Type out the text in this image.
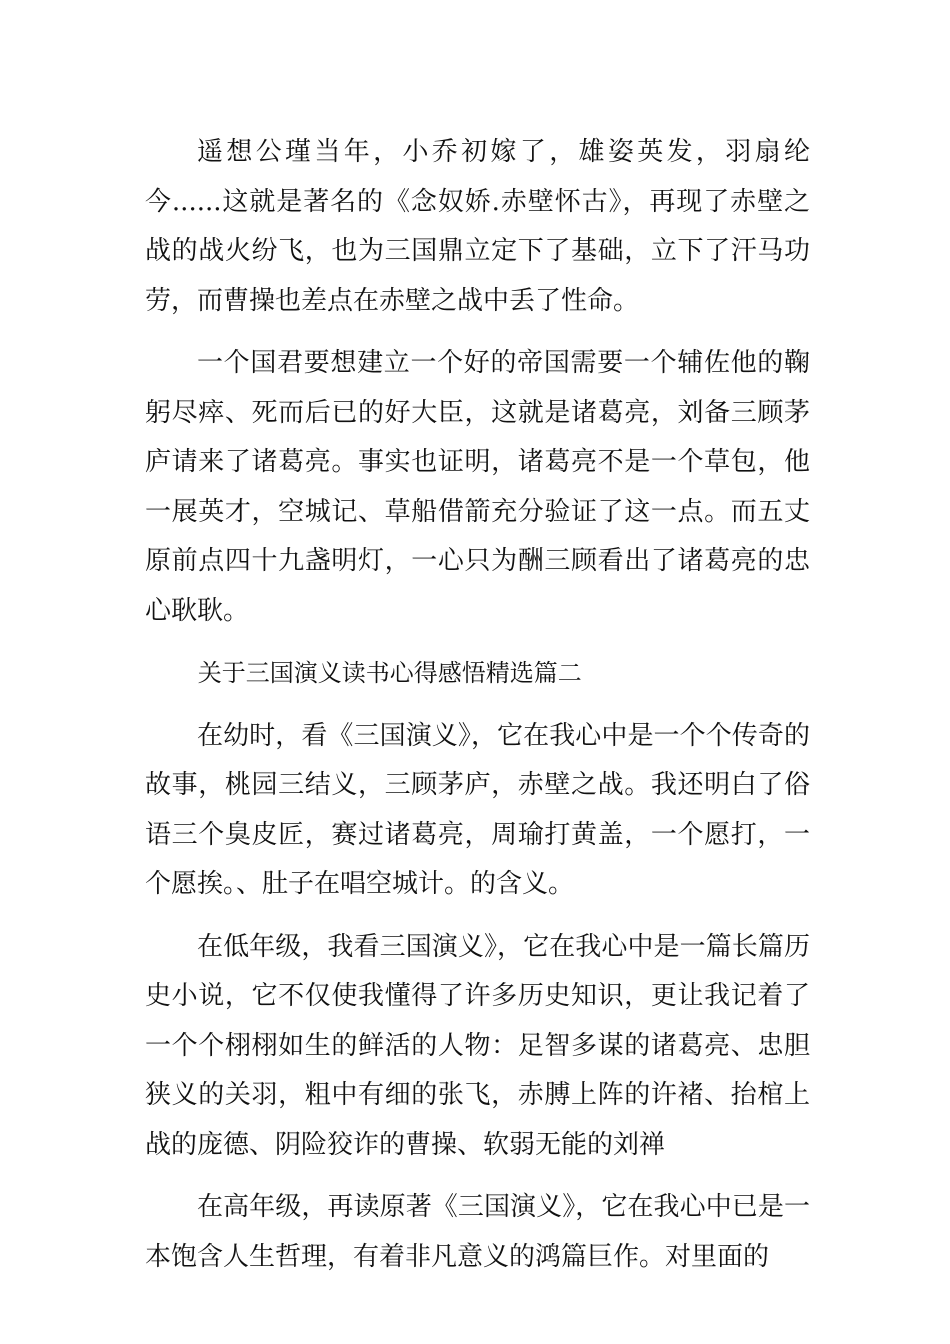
遥想公瑾当年，小乔初嫁了，雄姿英发，羽扇纶今......这就是著名的《念奴娇.赤壁怀古》，再现了赤壁之战的战火纷飞，也为三国鼎立定下了基础，立下了汗马功劳，而曹操也差点在赤壁之战中丢了性命。

一个国君要想建立一个好的帝国需要一个辅佐他的鞠躬尽瘁、死而后已的好大臣，这就是诸葛亮，刘备三顾茅庐请来了诸葛亮。事实也证明，诸葛亮不是一个草包，他一展英才，空城记、草船借箭充分验证了这一点。而五丈原前点四十九盏明灯，一心只为酬三顾看出了诸葛亮的忠心耿耿。

关于三国演义读书心得感悟精选篇二

在幼时，看《三国演义》，它在我心中是一个个传奇的故事，桃园三结义，三顾茅庐，赤壁之战。我还明白了俗语三个臭皮匠，赛过诸葛亮，周瑜打黄盖，一个愿打，一个愿挨。、肚子在唱空城计。的含义。

在低年级，我看三国演义》，它在我心中是一篇长篇历史小说，它不仅使我懂得了许多历史知识，更让我记着了一个个栩栩如生的鲜活的人物：足智多谋的诸葛亮、忠胆狭义的关羽，粗中有细的张飞，赤膊上阵的许褚、抬棺上战的庞德、阴险狡诈的曹操、软弱无能的刘禅

在高年级，再读原著《三国演义》，它在我心中已是一本饱含人生哲理，有着非凡意义的鸿篇巨作。对里面的
